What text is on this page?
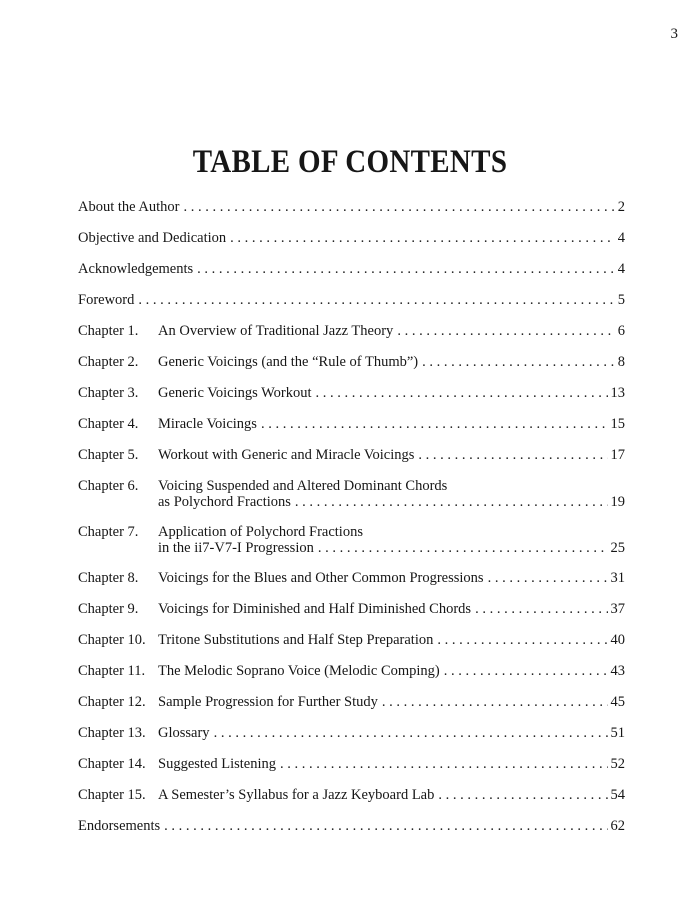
3
TABLE OF CONTENTS
About the Author . . .	2
Objective and Dedication . . .	4
Acknowledgements . . .	4
Foreword . . .	5
Chapter 1.	An Overview of Traditional Jazz Theory . . .	6
Chapter 2.	Generic Voicings (and the “Rule of Thumb”) . . .	8
Chapter 3.	Generic Voicings Workout . . .	13
Chapter 4.	Miracle Voicings . . .	15
Chapter 5.	Workout with Generic and Miracle Voicings . . .	17
Chapter 6.	Voicing Suspended and Altered Dominant Chords
as Polychord Fractions . . .	19
Chapter 7.	Application of Polychord Fractions
in the ii7-V7-I Progression . . .	25
Chapter 8.	Voicings for the Blues and Other Common Progressions . . .	31
Chapter 9.	Voicings for Diminished and Half Diminished Chords . . .	37
Chapter 10. Tritone Substitutions and Half Step Preparation . . .	40
Chapter 11. The Melodic Soprano Voice (Melodic Comping) . . .	43
Chapter 12. Sample Progression for Further Study . . .	45
Chapter 13. Glossary . . .	51
Chapter 14. Suggested Listening . . .	52
Chapter 15. A Semester’s Syllabus for a Jazz Keyboard Lab . . .	54
Endorsements . . .	62
